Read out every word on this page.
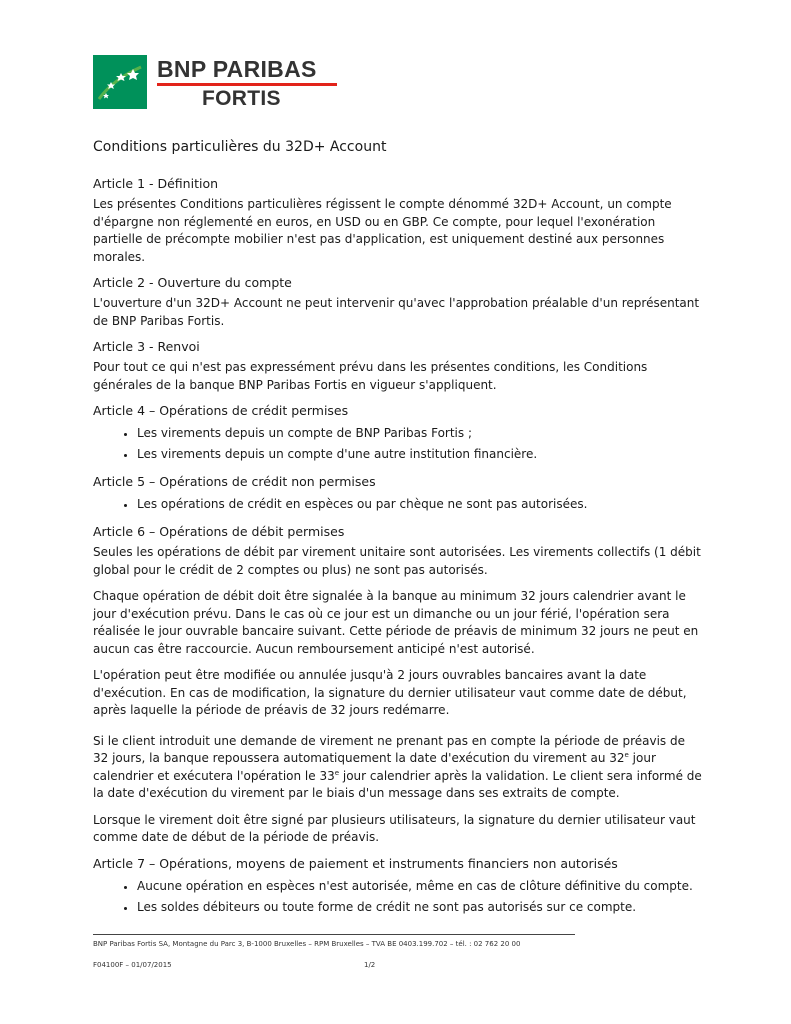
BNP PARIBAS
FORTIS
Conditions particulières du 32D+ Account
Article 1 - Définition

Les présentes Conditions particulières régissent le compte dénommé 32D+ Account, un compte d'épargne non réglementé en euros, en USD ou en GBP. Ce compte, pour lequel l'exonération partielle de précompte mobilier n'est pas d'application, est uniquement destiné aux personnes morales.

Article 2 - Ouverture du compte

L'ouverture d'un 32D+ Account ne peut intervenir qu'avec l'approbation préalable d'un représentant de BNP Paribas Fortis.

Article 3 - Renvoi

Pour tout ce qui n'est pas expressément prévu dans les présentes conditions, les Conditions générales de la banque BNP Paribas Fortis en vigueur s'appliquent.

Article 4 – Opérations de crédit permises
• Les virements depuis un compte de BNP Paribas Fortis ;
• Les virements depuis un compte d'une autre institution financière.
Article 5 – Opérations de crédit non permises
• Les opérations de crédit en espèces ou par chèque ne sont pas autorisées.
Article 6 – Opérations de débit permises

Seules les opérations de débit par virement unitaire sont autorisées. Les virements collectifs (1 débit global pour le crédit de 2 comptes ou plus) ne sont pas autorisés.

Chaque opération de débit doit être signalée à la banque au minimum 32 jours calendrier avant le jour d'exécution prévu. Dans le cas où ce jour est un dimanche ou un jour férié, l'opération sera réalisée le jour ouvrable bancaire suivant. Cette période de préavis de minimum 32 jours ne peut en aucun cas être raccourcie. Aucun remboursement anticipé n'est autorisé.

L'opération peut être modifiée ou annulée jusqu'à 2 jours ouvrables bancaires avant la date d'exécution. En cas de modification, la signature du dernier utilisateur vaut comme date de début, après laquelle la période de préavis de 32 jours redémarre.

Si le client introduit une demande de virement ne prenant pas en compte la période de préavis de 32 jours, la banque repoussera automatiquement la date d'exécution du virement au 32e jour calendrier et exécutera l'opération le 33e jour calendrier après la validation. Le client sera informé de la date d'exécution du virement par le biais d'un message dans ses extraits de compte.

Lorsque le virement doit être signé par plusieurs utilisateurs, la signature du dernier utilisateur vaut comme date de début de la période de préavis.

Article 7 – Opérations, moyens de paiement et instruments financiers non autorisés
• Aucune opération en espèces n'est autorisée, même en cas de clôture définitive du compte.
• Les soldes débiteurs ou toute forme de crédit ne sont pas autorisés sur ce compte.
BNP Paribas Fortis SA, Montagne du Parc 3, B-1000 Bruxelles – RPM Bruxelles – TVA BE 0403.199.702 – tél. : 02 762 20 00
F04100F – 01/07/2015	1/2
